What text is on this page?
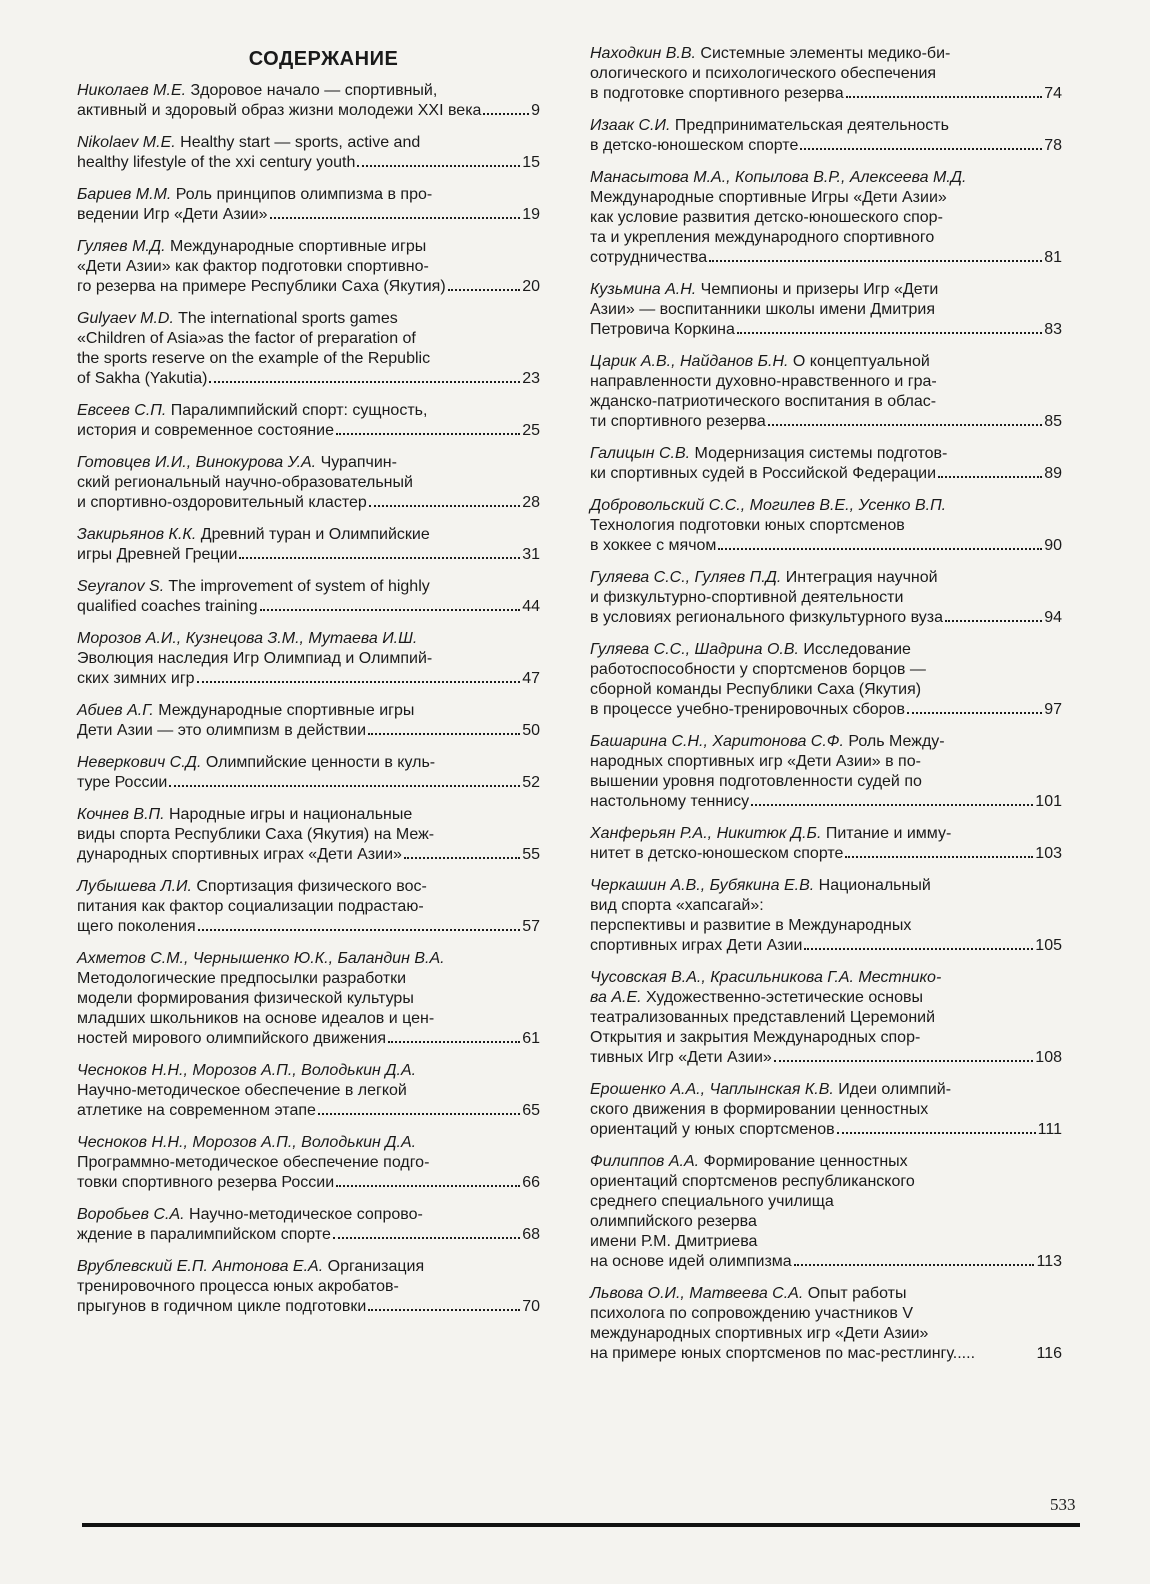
СОДЕРЖАНИЕ
Николаев М.Е. Здоровое начало — спортивный,
активный и здоровый образ жизни молодежи XXI века	9
Nikolaev M.E. Healthy start — sports, active and
healthy lifestyle of the xxi century youth	15
Бариев М.М. Роль принципов олимпизма в про-
ведении Игр «Дети Азии»	19
Гуляев М.Д. Международные спортивные игры
«Дети Азии» как фактор подготовки спортивно-
го резерва на примере Республики Саха (Якутия)	20
Gulyaev M.D. The international sports games
«Children of Asia»as the factor of preparation of
the sports reserve on the example of the Republic
of Sakha (Yakutia)	23
Евсеев С.П. Паралимпийский спорт: сущность,
история и современное состояние	25
Готовцев И.И., Винокурова У.А. Чурапчин-
ский региональный научно-образовательный
и спортивно-оздоровительный кластер	28
Закирьянов К.К. Древний туран и Олимпийские
игры Древней Греции	31
Seyranov S. The improvement of system of highly
qualified coaches training	44
Морозов А.И., Кузнецова З.М., Мутаева И.Ш.
Эволюция наследия Игр Олимпиад и Олимпий-
ских зимних игр	47
Абиев А.Г. Международные спортивные игры
Дети Азии — это олимпизм в действии	50
Неверкович С.Д. Олимпийские ценности в куль-
туре России	52
Кочнев В.П. Народные игры и национальные
виды спорта Республики Саха (Якутия) на Меж-
дународных спортивных играх «Дети Азии»	55
Лубышева Л.И. Спортизация физического вос-
питания как фактор социализации подрастаю-
щего поколения	57
Ахметов С.М., Чернышенко Ю.К., Баландин В.А.
Методологические предпосылки разработки
модели формирования физической культуры
младших школьников на основе идеалов и цен-
ностей мирового олимпийского движения	61
Чесноков Н.Н., Морозов А.П., Володькин Д.А.
Научно-методическое обеспечение в легкой
атлетике на современном этапе	65
Чесноков Н.Н., Морозов А.П., Володькин Д.А.
Программно-методическое обеспечение подго-
товки спортивного резерва России	66
Воробьев С.А. Научно-методическое сопрово-
ждение в паралимпийском спорте	68
Врублевский Е.П. Антонова Е.А. Организация
тренировочного процесса юных акробатов-
прыгунов в годичном цикле подготовки	70
Находкин В.В. Системные элементы медико-би-
ологического и психологического обеспечения
в подготовке спортивного резерва	74
Изаак С.И. Предпринимательская деятельность
в детско-юношеском спорте	78
Манасытова М.А., Копылова В.Р., Алексеева М.Д.
Международные спортивные Игры «Дети Азии»
как условие развития детско-юношеского спор-
та и укрепления международного спортивного
сотрудничества	81
Кузьмина А.Н. Чемпионы и призеры Игр «Дети
Азии» — воспитанники школы имени Дмитрия
Петровича Коркина	83
Царик А.В., Найданов Б.Н. О концептуальной
направленности духовно-нравственного и гра-
жданско-патриотического воспитания в облас-
ти спортивного резерва	85
Галицын С.В. Модернизация системы подготов-
ки спортивных судей в Российской Федерации	89
Добровольский С.С., Могилев В.Е., Усенко В.П.
Технология подготовки юных спортсменов
в хоккее с мячом	90
Гуляева С.С., Гуляев П.Д. Интеграция научной
и физкультурно-спортивной деятельности
в условиях регионального физкультурного вуза	94
Гуляева С.С., Шадрина О.В. Исследование
работоспособности у спортсменов борцов —
сборной команды Республики Саха (Якутия)
в процессе учебно-тренировочных сборов	97
Башарина С.Н., Харитонова С.Ф. Роль Между-
народных спортивных игр «Дети Азии» в по-
вышении уровня подготовленности судей по
настольному теннису	101
Ханферьян Р.А., Никитюк Д.Б. Питание и имму-
нитет в детско-юношеском спорте	103
Черкашин А.В., Бубякина Е.В. Национальный
вид спорта «хапсагай»:
перспективы и развитие в Международных
спортивных играх Дети Азии	105
Чусовская В.А., Красильникова Г.А. Местнико-
ва А.Е. Художественно-эстетические основы
театрализованных представлений Церемоний
Открытия и закрытия Международных спор-
тивных Игр «Дети Азии»	108
Ерошенко А.А., Чаплынская К.В. Идеи олимпий-
ского движения в формировании ценностных
ориентаций у юных спортсменов	111
Филиппов А.А. Формирование ценностных
ориентаций спортсменов республиканского
среднего специального училища
олимпийского резерва
имени Р.М. Дмитриева
на основе идей олимпизма	113
Львова О.И., Матвеева С.А. Опыт работы
психолога по сопровождению участников V
международных спортивных игр «Дети Азии»
на примере юных спортсменов по мас-рестлингу.....	116
533
